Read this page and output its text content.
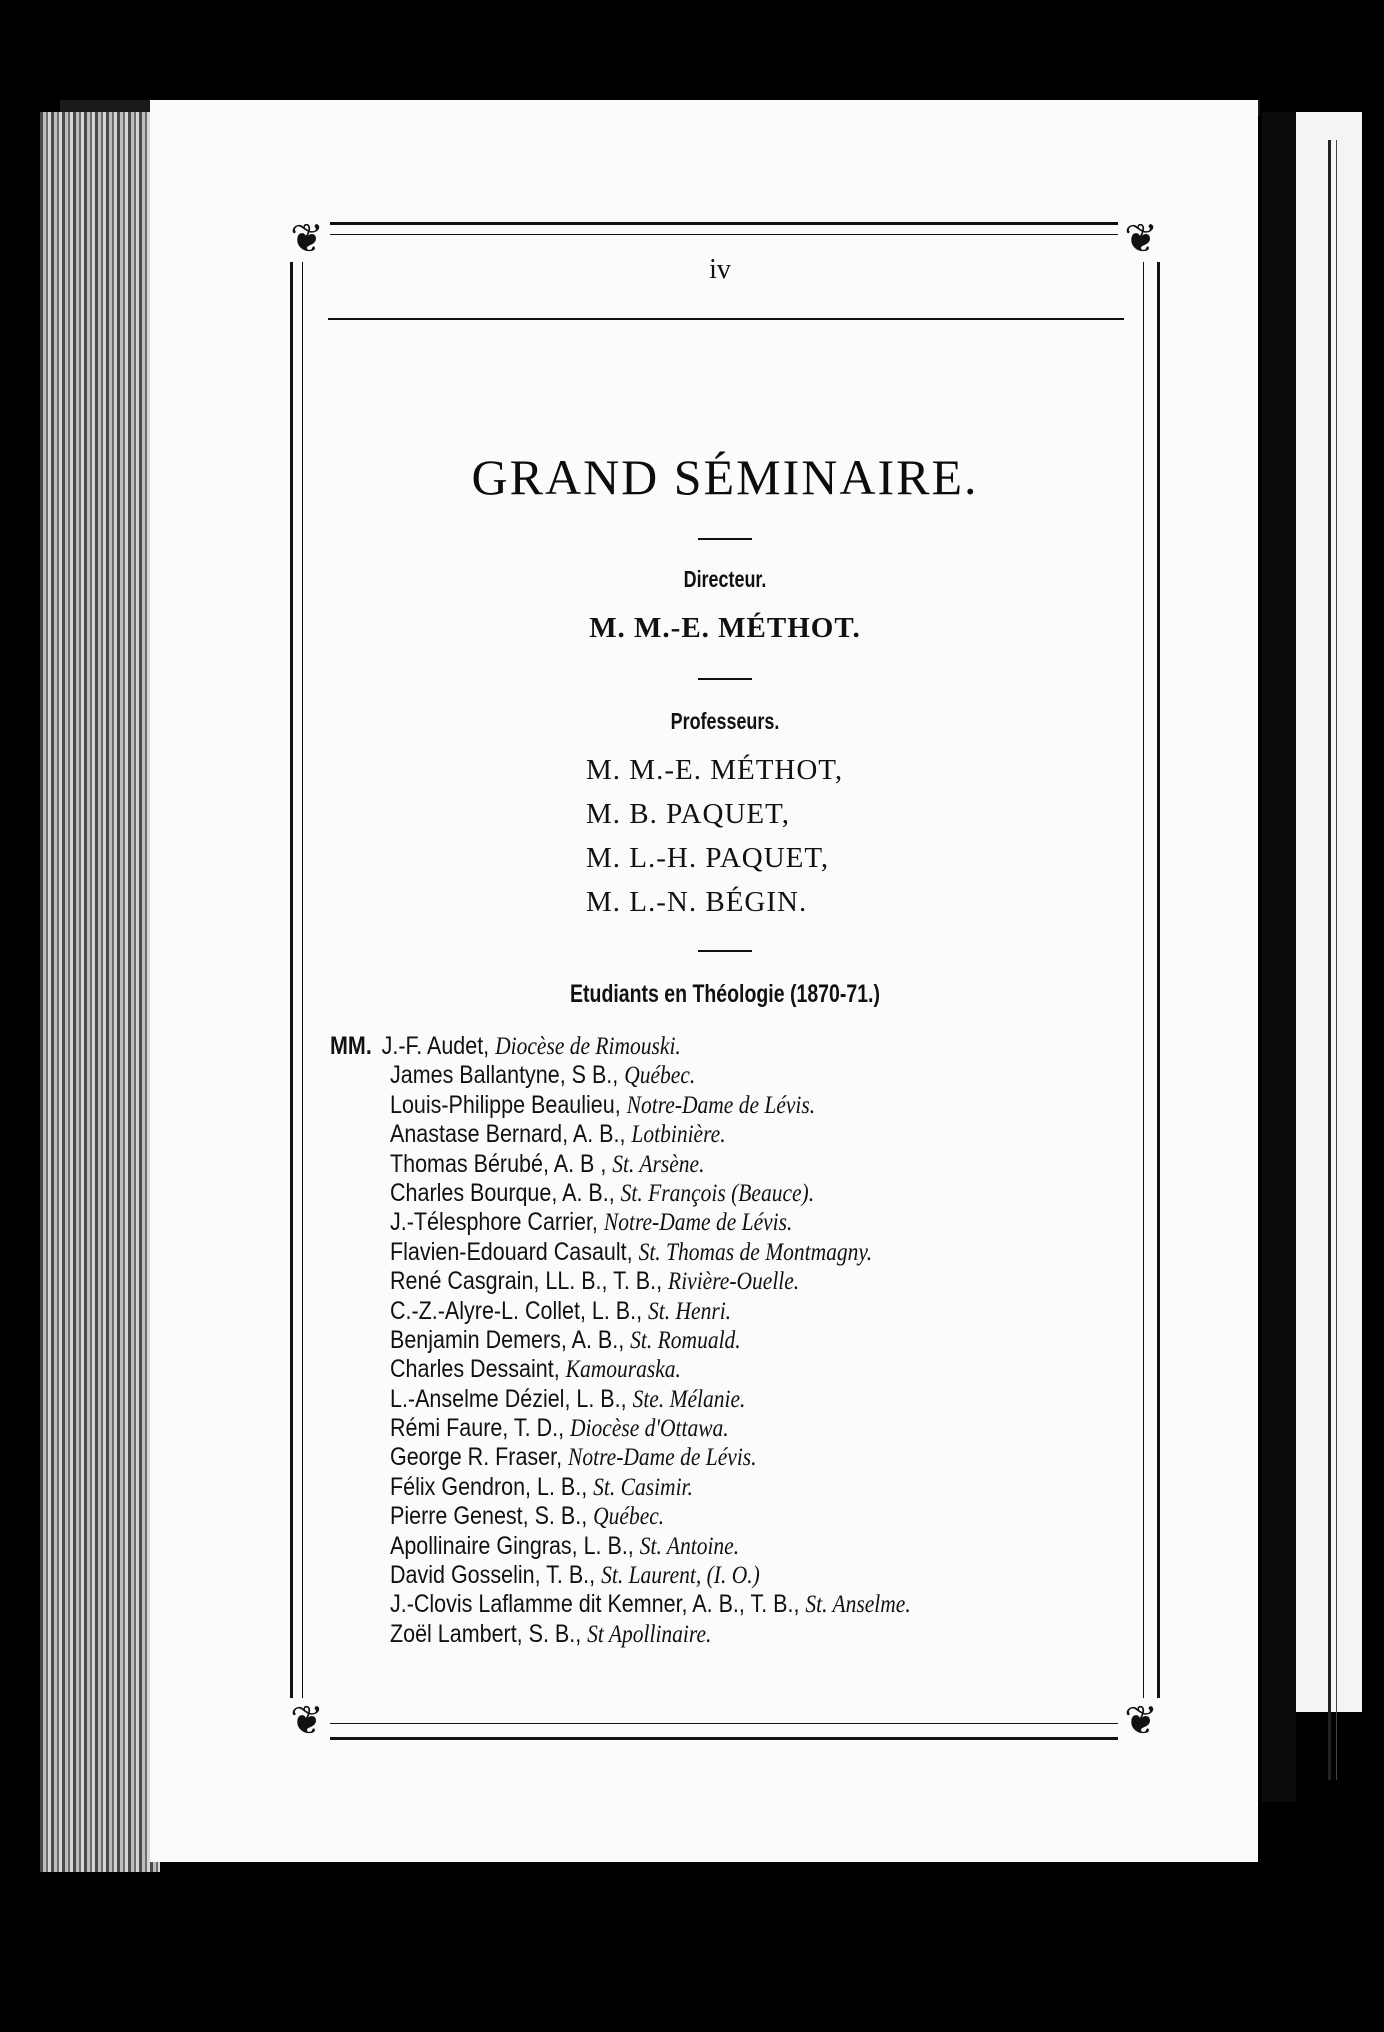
❦	❦
❦	❦
iv
GRAND SÉMINAIRE.
Directeur.
M. M.-E. MÉTHOT.
Professeurs.
M. M.-E. MÉTHOT,
M. B. PAQUET,
M. L.-H. PAQUET,
M. L.-N. BÉGIN.
Etudiants en Théologie (1870-71.)
MM. J.-F. Audet, Diocèse de Rimouski.
James Ballantyne, S B., Québec.
Louis-Philippe Beaulieu, Notre-Dame de Lévis.
Anastase Bernard, A. B., Lotbinière.
Thomas Bérubé, A. B , St. Arsène.
Charles Bourque, A. B., St. François (Beauce).
J.-Télesphore Carrier, Notre-Dame de Lévis.
Flavien-Edouard Casault, St. Thomas de Montmagny.
René Casgrain, LL. B., T. B., Rivière-Ouelle.
C.-Z.-Alyre-L. Collet, L. B., St. Henri.
Benjamin Demers, A. B., St. Romuald.
Charles Dessaint, Kamouraska.
L.-Anselme Déziel, L. B., Ste. Mélanie.
Rémi Faure, T. D., Diocèse d'Ottawa.
George R. Fraser, Notre-Dame de Lévis.
Félix Gendron, L. B., St. Casimir.
Pierre Genest, S. B., Québec.
Apollinaire Gingras, L. B., St. Antoine.
David Gosselin, T. B., St. Laurent, (I. O.)
J.-Clovis Laflamme dit Kemner, A. B., T. B., St. Anselme.
Zoël Lambert, S. B., St Apollinaire.
